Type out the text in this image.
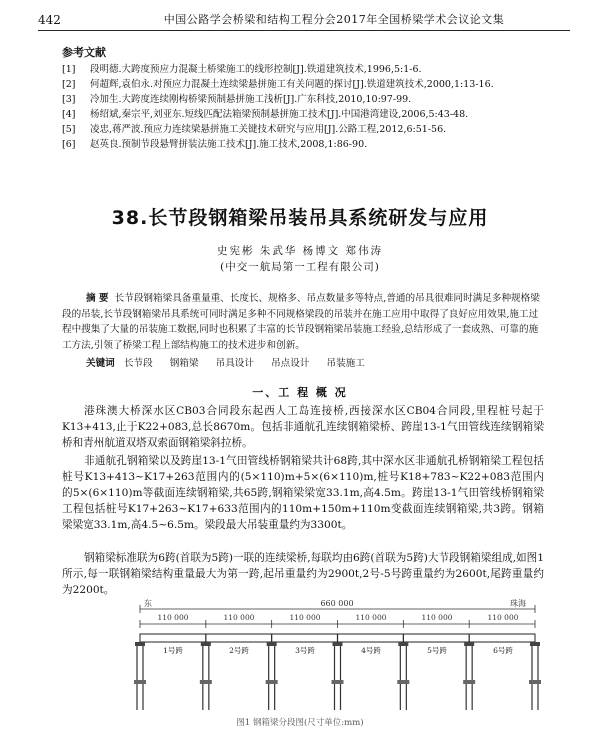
442	中国公路学会桥梁和结构工程分会2017年全国桥梁学术会议论文集
参考文献
[1]	段明德.大跨度预应力混凝土桥梁施工的线形控制[J].铁道建筑技术,1996,5:1-6.
[2]	何超辉,袁伯永.对预应力混凝土连续梁悬拼施工有关问题的探讨[J].铁道建筑技术,2000,1:13-16.
[3]	冷加生.大跨度连续刚构桥梁预制悬拼施工浅析[J].广东科技,2010,10:97-99.
[4]	杨绍斌,秦宗平,刘亚东.短线匹配法箱梁预制悬拼施工技术[J].中国港湾建设,2006,5:43-48.
[5]	凌忠,蒋严波.预应力连续梁悬拼施工关键技术研究与应用[J].公路工程,2012,6:51-56.
[6]	赵英良.预制节段悬臂拼装法施工技术[J].施工技术,2008,1:86-90.
38.长节段钢箱梁吊装吊具系统研发与应用
史宪彬 朱武华 杨博文 郑伟涛
(中交一航局第一工程有限公司)
摘 要 长节段钢箱梁具备重量重、长度长、规格多、吊点数量多等特点,普通的吊具很难同时满足多种规格梁段的吊装,长节段钢箱梁吊具系统可同时满足多种不同规格梁段的吊装并在施工应用中取得了良好应用效果,施工过程中搜集了大量的吊装施工数据,同时也积累了丰富的长节段钢箱梁吊装施工经验,总结形成了一套成熟、可靠的施工方法,引领了桥梁工程上部结构施工的技术进步和创新。
关键词 长节段 钢箱梁 吊具设计 吊点设计 吊装施工
一、工 程 概 况
港珠澳大桥深水区CB03合同段东起西人工岛连接桥,西接深水区CB04合同段,里程桩号起于K13+413,止于K22+083,总长8670m。包括非通航孔连续钢箱梁桥、跨崖13-1气田管线连续钢箱梁桥和青州航道双塔双索面钢箱梁斜拉桥。
非通航孔钢箱梁以及跨崖13-1气田管线桥钢箱梁共计68跨,其中深水区非通航孔桥钢箱梁工程包括桩号K13+413~K17+263范围内的(5×110)m+5×(6×110)m,桩号K18+783~K22+083范围内的5×(6×110)m等截面连续钢箱梁,共65跨,钢箱梁梁宽33.1m,高4.5m。跨崖13-1气田管线桥钢箱梁工程包括桩号K17+263~K17+633范围内的110m+150m+110m变截面连续钢箱梁,共3跨。钢箱梁梁宽33.1m,高4.5~6.5m。梁段最大吊装重量约为3300t。
钢箱梁标准联为6跨(首联为5跨)一联的连续梁桥,每联均由6跨(首联为5跨)大节段钢箱梁组成,如图1所示,每一联钢箱梁结构重量最大为第一跨,起吊重量约为2900t,2号-5号跨重量约为2600t,尾跨重量约为2200t。
东	660 000	珠海
110 000	110 000	110 000	110 000	110 000	110 000
1号跨	2号跨	3号跨	4号跨	5号跨	6号跨
图1 钢箱梁分段图(尺寸单位:mm)
